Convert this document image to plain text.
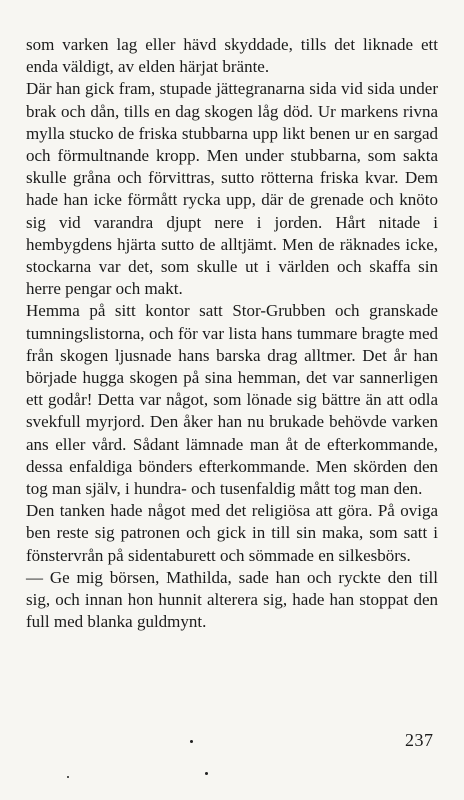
som varken lag eller hävd skyddade, tills det liknade ett enda väldigt, av elden härjat bränte.

Där han gick fram, stupade jättegranarna sida vid sida under brak och dån, tills en dag skogen låg död. Ur markens rivna mylla stucko de friska stubbarna upp likt benen ur en sargad och förmultnande kropp. Men under stubbarna, som sakta skulle gråna och förvittras, sutto rötterna friska kvar. Dem hade han icke förmått rycka upp, där de grenade och knöto sig vid varandra djupt nere i jorden. Hårt nitade i hembygdens hjärta sutto de alltjämt. Men de räknades icke, stockarna var det, som skulle ut i världen och skaffa sin herre pengar och makt.

Hemma på sitt kontor satt Stor-Grubben och granskade tumningslistorna, och för var lista hans tummare bragte med från skogen ljusnade hans barska drag alltmer. Det år han började hugga skogen på sina hemman, det var sannerligen ett godår! Detta var något, som lönade sig bättre än att odla svekfull myrjord. Den åker han nu brukade behövde varken ans eller vård. Sådant lämnade man åt de efterkommande, dessa enfaldiga bönders efterkommande. Men skörden den tog man själv, i hundra- och tusenfaldig mått tog man den.

Den tanken hade något med det religiösa att göra. På oviga ben reste sig patronen och gick in till sin maka, som satt i fönstervrån på sidentaburett och sömmade en silkesbörs.

— Ge mig börsen, Mathilda, sade han och ryckte den till sig, och innan hon hunnit alterera sig, hade han stoppat den full med blanka guldmynt.

237
